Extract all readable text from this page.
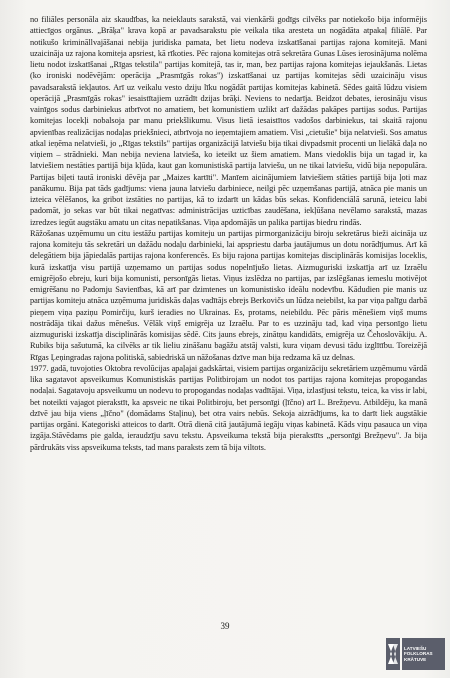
no filiāles personāla aiz skaudības, ka neieklauts sarakstā, vai vienkārši godīgs cilvēks par notiekošo bija informējis attiecīgos orgānus. „Brāķa" krava kopā ar pavadsarakstu pie veikala tika aresteta un nogādāta atpakaļ filiālē. Par notikušo krimināllvajāšanai nebija juridiska pamata, bet lietu nodeva izskatīšanai partijas rajona komitejā. Mani uzaicināja uz rajona komiteja apsriest, kā rīkoties. Pēc rajona komitejas otrā sekretāra Gunas Lūses ierosinājuma nolēma lietu nodot izskatīšanai „Rīgas tekstila" partijas komitejā, tas ir, man, bez partijas rajona komitejas iejaukšanās. Lietas (ko ironiski nodēvējām: operācija „Prasmīgās rokas") izskatīšanai uz partijas komitejas sēdi uzaicināju visus pavadsarakstā iekļautos. Arī uz veikalu vesto dziju līku nogādāt partijas komitejas kabinetā. Sēdes gaitā lūdzu visiem operācijā „Prasmīgās rokas" iesaistītajiem uzrādīt dzijas brāķi. Neviens to nedarīja. Beidzot debates, ierosināju visus vainīgos sodus darbiniekus atbrīvot no amatiem, bet komunistiem uzlikt arī dažādas pakāpes partijas sodus. Partijas komitejas locekļi nobalsoja par manu priekšlikumu. Visus lietā iesaistītos vadošos darbiniekus, tai skaitā rajonu apvienības realizācijas nodaļas priekšnieci, atbrīvoja no ieņemtajiem amatiem. Visi „cietušie" bija nelatvieši. Sos amatus atkal ieņēma nelatvieši, jo „Rīgas tekstils" partijas organizācijā latviešu bija tikai divpadsmit procenti un lielākā daļa no viņiem – strādnieki. Man nebija neviena latvieša, ko ieteikt uz šiem amatiem. Mans viedoklis bija un tagad ir, ka latviešiem nestāties partijā bija kļūda, kaut gan komunistiskā partija latviešu, un ne tikai latviešu, vidū bija nepopulāra. Partijas biļeti tautā ironiski dēvēja par „Maizes kartīti". Manīem aicinājumiem latviešiem stāties partijā bija ļoti maz panākumu. Bija pat tāds gadījums: viena jauna latviešu darbiniece, neilgi pēc uzņemšanas partijā, atnāca pie manis un izteica vēlēšanos, ka gribot izstāties no partijas, kā to izdarīt un kādas būs sekas. Konfidenciālā sarunā, ieteicu labi padomāt, jo sekas var būt tikai negatīvas: administrācijas uzticības zaudēšana, iekļūšana nevēlamo sarakstā, mazas izredzes iegūt augstāku amatu un citas nepatikšanas. Viņa apdomājās un palika partijas biedru rindās.
Rāžošanas uzņēmumu un citu iestāžu partijas komiteju un partijas pirmorganizāciju biroju sekretārus bieži aicināja uz rajona komiteju tās sekretāri un dažādu nodaļu darbinieki, lai apspriestu darba jautājumus un dotu norādījumus. Arī kā delegātiem bija jāpiedalās partijas rajona konferencēs. Es biju rajona partijas komitejas disciplinārās komisijas loceklis, kurā izskatīja visu partijā uzņemamo un partijas sodus nopelnījušo lietas. Aizmuguriski izskatīja arī uz Izraēlu emigrējošo ebreju, kuri bija komunisti, personīgās lietas. Viņus izslēdza no partijas, par izslēgšanas iemeslu motivējot emigrēšanu no Padomju Savienības, kā arī par dzimtenes un komunistisko ideālu nodevību. Kādudien pie manis uz partijas komiteju atnāca uzņēmuma juridiskās daļas vadītājs ebrejs Berkovičs un lūdza neiebilst, ka par viņa palīgu darbā pieņem viņa paziņu Pomirčiju, kurš ieradies no Ukrainas. Es, protams, neiebildu. Pēc pāris mēnešiem viņš mums nostrādāja tikai dažus mēnešus. Vēlāk viņš emigrēja uz Izraēlu. Par to es uzzināju tad, kad viņa personīgo lietu aizmuguriski izskatīja disciplinārās komisijas sēdē. Cits jauns ebrejs, zinātņu kandidāts, emigrēja uz Čehoslovākiju. A. Rubiks bija sašutumā, ka cilvēks ar tik lieliu zināšanu bagāžu atstāj valsti, kura viņam devusi tādu izglītību. Toreizējā Rīgas Ļeņingradas rajona politiskā, sabiedriskā un nāžošanas dzīve man bija redzama kā uz delnas.
1977. gadā, tuvojoties Oktobra revolūcijas apaļajai gadskārtai, visiem partijas organizāciju sekretāriem uzņēmumu vārdā lika sagatavot apsveikumus Komunistiskās partijas Politbirojam un nodot tos partijas rajona komitejas propogandas nodaļai. Sagatavoju apsveikumu un nodevu to propogandas nodaļas vadītājai. Viņa, izlasījusi tekstu, teica, ka viss ir labi, bet noteikti vajagot pierakstīt, ka apsveic ne tikai Politbiroju, bet personīgi (ļīčno) arī L. Brežņevu. Atbildēju, ka manā dzīvē jau bija viens „ļīčno" (domādams Staļinu), bet otra vairs nebūs. Sekoja aizrādījums, ka to darīt liek augstākie partijas orgāni. Kategoriski atteicos to darīt. Otrā dienā citā jautājumā iegāju viņas kabinetā. Kāds viņu pasauca un viņa izgāja.Stāvēdams pie galda, ieraudzīju savu tekstu. Apsveikuma tekstā bija pierakstīts „personīgi Brežņevu". Ja bija pārdrukāts viss apsveikuma teksts, tad mans paraksts zem tā bija viltots.
39
LATVIEŠU
FOLKLORAS
KRĀTUVE
